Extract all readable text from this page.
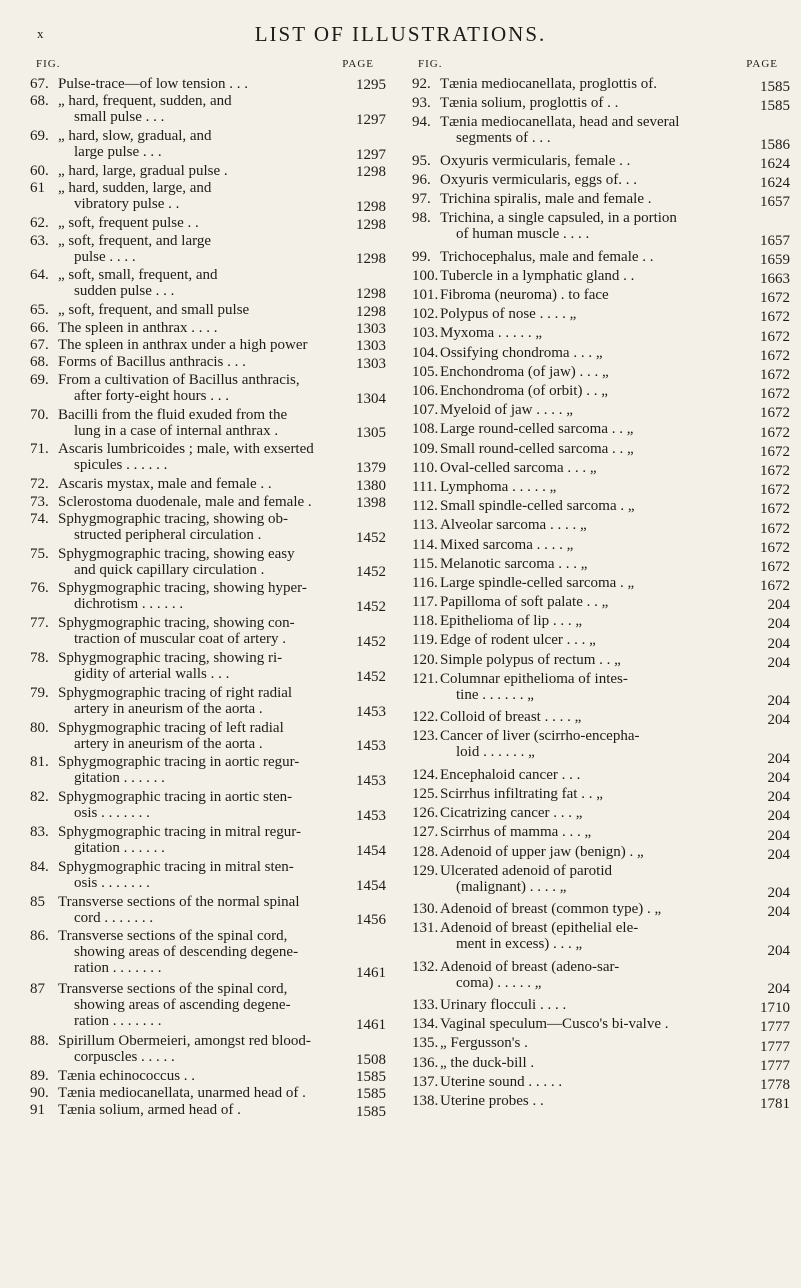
x	LIST OF ILLUSTRATIONS.
FIG.	PAGE
67. Pulse-trace—of low tension . . .	1295
68. „ hard, frequent, sudden, and
small pulse . . .	1297
69. „ hard, slow, gradual, and
large pulse . . .	1297
60. „ hard, large, gradual pulse .	1298
61 „ hard, sudden, large, and
vibratory pulse . .	1298
62. „ soft, frequent pulse . .	1298
63. „ soft, frequent, and large
pulse . . . .	1298
64. „ soft, small, frequent, and
sudden pulse . . .	1298
65. „ soft, frequent, and small pulse	1298
66. The spleen in anthrax . . . .	1303
67. The spleen in anthrax under a high power	1303
68. Forms of Bacillus anthracis . . .	1303
69. From a cultivation of Bacillus anthracis,
after forty-eight hours . . .	1304
70. Bacilli from the fluid exuded from the
lung in a case of internal anthrax .	1305
71. Ascaris lumbricoides ; male, with exserted
spicules . . . . . .	1379
72. Ascaris mystax, male and female . .	1380
73. Sclerostoma duodenale, male and female .	1398
74. Sphygmographic tracing, showing ob-
structed peripheral circulation .	1452
75. Sphygmographic tracing, showing easy
and quick capillary circulation .	1452
76. Sphygmographic tracing, showing hyper-
dichrotism . . . . . .	1452
77. Sphygmographic tracing, showing con-
traction of muscular coat of artery .	1452
78. Sphygmographic tracing, showing ri-
gidity of arterial walls . . .	1452
79. Sphygmographic tracing of right radial
artery in aneurism of the aorta .	1453
80. Sphygmographic tracing of left radial
artery in aneurism of the aorta .	1453
81. Sphygmographic tracing in aortic regur-
gitation . . . . . .	1453
82. Sphygmographic tracing in aortic sten-
osis . . . . . . .	1453
83. Sphygmographic tracing in mitral regur-
gitation . . . . . .	1454
84. Sphygmographic tracing in mitral sten-
osis . . . . . . .	1454
85 Transverse sections of the normal spinal
cord . . . . . . .	1456
86. Transverse sections of the spinal cord,
showing areas of descending degene-
ration . . . . . . .	1461
87 Transverse sections of the spinal cord,
showing areas of ascending degene-
ration . . . . . . .	1461
88. Spirillum Obermeieri, amongst red blood-
corpuscles . . . . .	1508
89. Tænia echinococcus . .	1585
90. Tænia mediocanellata, unarmed head of .	1585
91 Tænia solium, armed head of .	1585
FIG.	PAGE
92. Tænia mediocanellata, proglottis of.	1585
93. Tænia solium, proglottis of . .	1585
94. Tænia mediocanellata, head and several
segments of . . .	1586
95. Oxyuris vermicularis, female . .	1624
96. Oxyuris vermicularis, eggs of. . .	1624
97. Trichina spiralis, male and female .	1657
98. Trichina, a single capsuled, in a portion
of human muscle . . . .	1657
99. Trichocephalus, male and female . .	1659
100. Tubercle in a lymphatic gland . .	1663
101. Fibroma (neuroma) . to face	1672
102. Polypus of nose . . . . „	1672
103. Myxoma . . . . . „	1672
104. Ossifying chondroma . . . „	1672
105. Enchondroma (of jaw) . . . „	1672
106. Enchondroma (of orbit) . . „	1672
107. Myeloid of jaw . . . . „	1672
108. Large round-celled sarcoma . . „	1672
109. Small round-celled sarcoma . . „	1672
110. Oval-celled sarcoma . . . „	1672
111. Lymphoma . . . . . „	1672
112. Small spindle-celled sarcoma . „	1672
113. Alveolar sarcoma . . . . „	1672
114. Mixed sarcoma . . . . „	1672
115. Melanotic sarcoma . . . „	1672
116. Large spindle-celled sarcoma . „	1672
117. Papilloma of soft palate . . „	204
118. Epithelioma of lip . . . „	204
119. Edge of rodent ulcer . . . „	204
120. Simple polypus of rectum . . „	204
121. Columnar epithelioma of intes-
tine . . . . . . „	204
122. Colloid of breast . . . . „	204
123. Cancer of liver (scirrho-encepha-
loid . . . . . . „	204
124. Encephaloid cancer . . .	204
125. Scirrhus infiltrating fat . . „	204
126. Cicatrizing cancer . . . „	204
127. Scirrhus of mamma . . . „	204
128. Adenoid of upper jaw (benign) . „	204
129. Ulcerated adenoid of parotid
(malignant) . . . . „	204
130. Adenoid of breast (common type) . „	204
131. Adenoid of breast (epithelial ele-
ment in excess) . . . „	204
132. Adenoid of breast (adeno-sar-
coma) . . . . . „	204
133. Urinary flocculi . . . .	1710
134. Vaginal speculum—Cusco's bi-valve .	1777
135. „ Fergusson's .	1777
136. „ the duck-bill .	1777
137. Uterine sound . . . . .	1778
138. Uterine probes . .	1781
